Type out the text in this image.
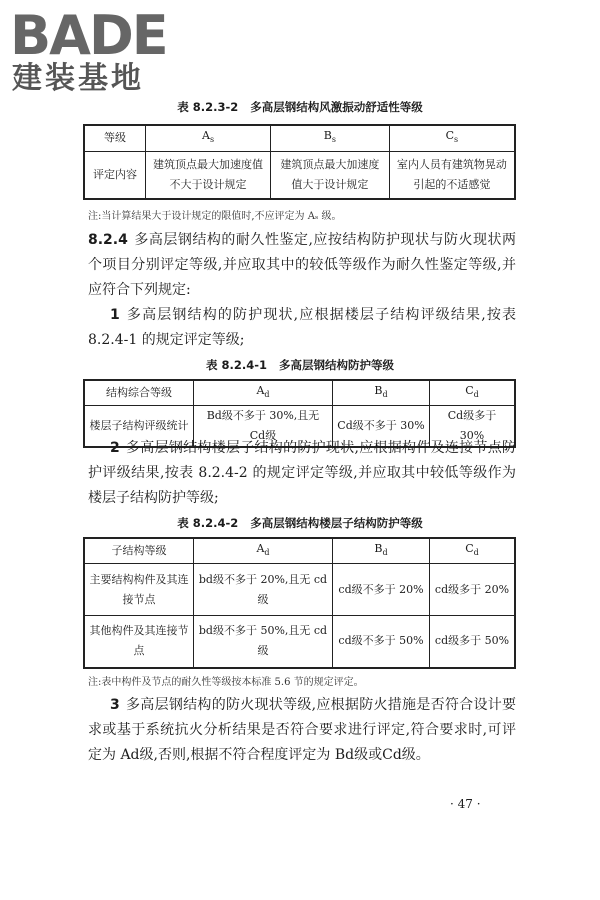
BADE
建装基地
表 8.2.3-2 多高层钢结构风激振动舒适性等级
等级	$A_s$	$B_s$	$C_s$
评定内容	建筑顶点最大加速度值不大于设计规定	建筑顶点最大加速度值大于设计规定	室内人员有建筑物晃动引起的不适感觉
注:当计算结果大于设计规定的限值时,不应评定为 Aₛ 级。
8.2.4 多高层钢结构的耐久性鉴定,应按结构防护现状与防火现状两个项目分别评定等级,并应取其中的较低等级作为耐久性鉴定等级,并应符合下列规定:
1 多高层钢结构的防护现状,应根据楼层子结构评级结果,按表 8.2.4-1 的规定评定等级;
表 8.2.4-1 多高层钢结构防护等级
结构综合等级	$A_d$	$B_d$	$C_d$
楼层子结构评级统计	Bd级不多于 30%,且无 Cd级	Cd级不多于 30%	Cd级多于 30%
2 多高层钢结构楼层子结构的防护现状,应根据构件及连接节点防护评级结果,按表 8.2.4-2 的规定评定等级,并应取其中较低等级作为楼层子结构防护等级;
表 8.2.4-2 多高层钢结构楼层子结构防护等级
子结构等级	$A_d$	$B_d$	$C_d$
主要结构构件及其连接节点	bd级不多于 20%,且无 cd级	cd级不多于 20%	cd级多于 20%
其他构件及其连接节点	bd级不多于 50%,且无 cd级	cd级不多于 50%	cd级多于 50%
注:表中构件及节点的耐久性等级按本标准 5.6 节的规定评定。
3 多高层钢结构的防火现状等级,应根据防火措施是否符合设计要求或基于系统抗火分析结果是否符合要求进行评定,符合要求时,可评定为 Ad级,否则,根据不符合程度评定为 Bd级或Cd级。
· 47 ·
